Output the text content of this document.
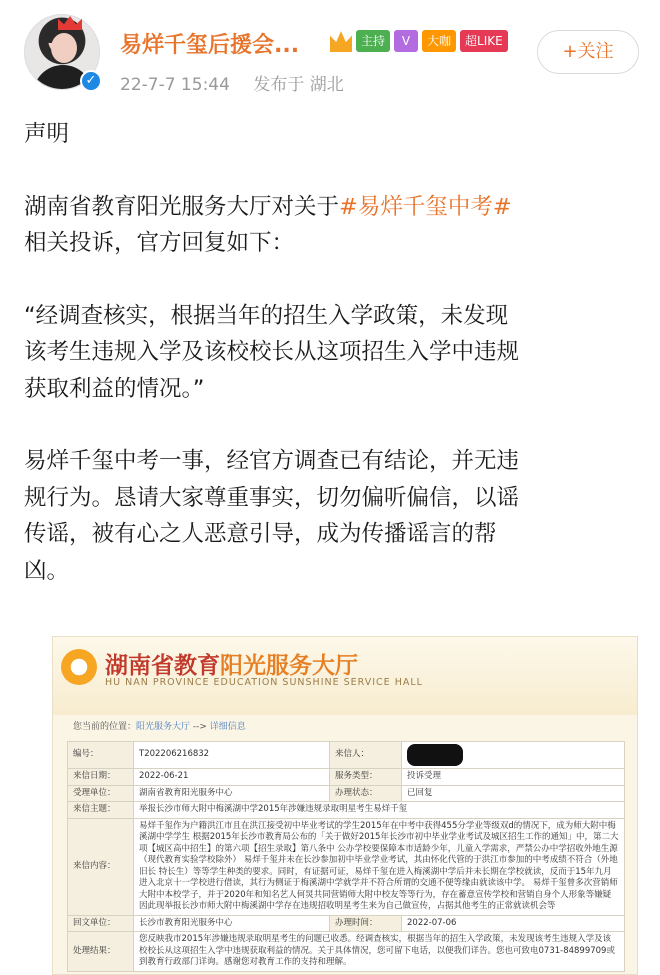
✓
易烊千玺后援会...	主持	V	大咖	超LIKE	+关注
22-7-7 15:44 发布于 湖北

声明

湖南省教育阳光服务大厅对关于#易烊千玺中考#

相关投诉，官方回复如下：

“经调查核实，根据当年的招生入学政策，未发现

该考生违规入学及该校校长从这项招生入学中违规

获取利益的情况。”

易烊千玺中考一事，经官方调查已有结论，并无违

规行为。恳请大家尊重事实，切勿偏听偏信，以谣

传谣，被有心之人恶意引导，成为传播谣言的帮

凶。

湖南省教育阳光服务大厅
HU NAN PROVINCE EDUCATION SUNSHINE SERVICE HALL
您当前的位置：阳光服务大厅 --> 详细信息
编号：	T202206216832	来信人：	
来信日期：	2022-06-21	服务类型：	投诉受理
受理单位：	湖南省教育阳光服务中心	办理状态：	已回复
来信主题：	举报长沙市师大附中梅溪湖中学2015年涉嫌违规录取明星考生易烊千玺		
来信内容：	易烊千玺作为户籍洪江市且在洪江接受初中毕业考试的学生2015年在中考中获得455分学业等级双d的情况下，成为师大附中梅溪湖中学学生 根据2015年长沙市教育局公布的「关于做好2015年长沙市初中毕业学业考试及城区招生工作的通知」中，第二大项【城区高中招生】的第六项【招生录取】第八条中 公办学校要保障本市适龄少年，儿童入学需求，严禁公办中学招收外地生源（现代教育实验学校除外） 易烊千玺并未在长沙参加初中毕业学业考试，其由怀化代管的于洪江市参加的中考成绩不符合（外地旧长 特长生）等等学生种类的要求。同时，有证据可证，易烊千玺在进入梅溪湖中学后并未长期在学校就读，反而于15年九月进入北京十一学校进行借读，其行为侧证于梅溪湖中学就学并不符合所谓的交通不便等缘由就读该中学。 易烊千玺曾多次营销师大附中本校学子，并于2020年和知名艺人何炅共同营销师大附中校友等等行为，存在蓄意宣传学校和营销自身个人形象等嫌疑 因此现举报长沙市师大附中梅溪湖中学存在违规招收明星考生来为自己做宣传，占据其他考生的正常就读机会等		
回文单位：	长沙市教育阳光服务中心	办理时间：	2022-07-06
处理结果：	您反映我市2015年涉嫌违规录取明星考生的问题已收悉。经调查核实，根据当年的招生入学政策，未发现该考生违规入学及该校校长从这项招生入学中违规获取利益的情况。关于具体情况，您可留下电话，以便我们详告。您也可致电0731-84899709或到教育行政部门详询。感谢您对教育工作的支持和理解。		
